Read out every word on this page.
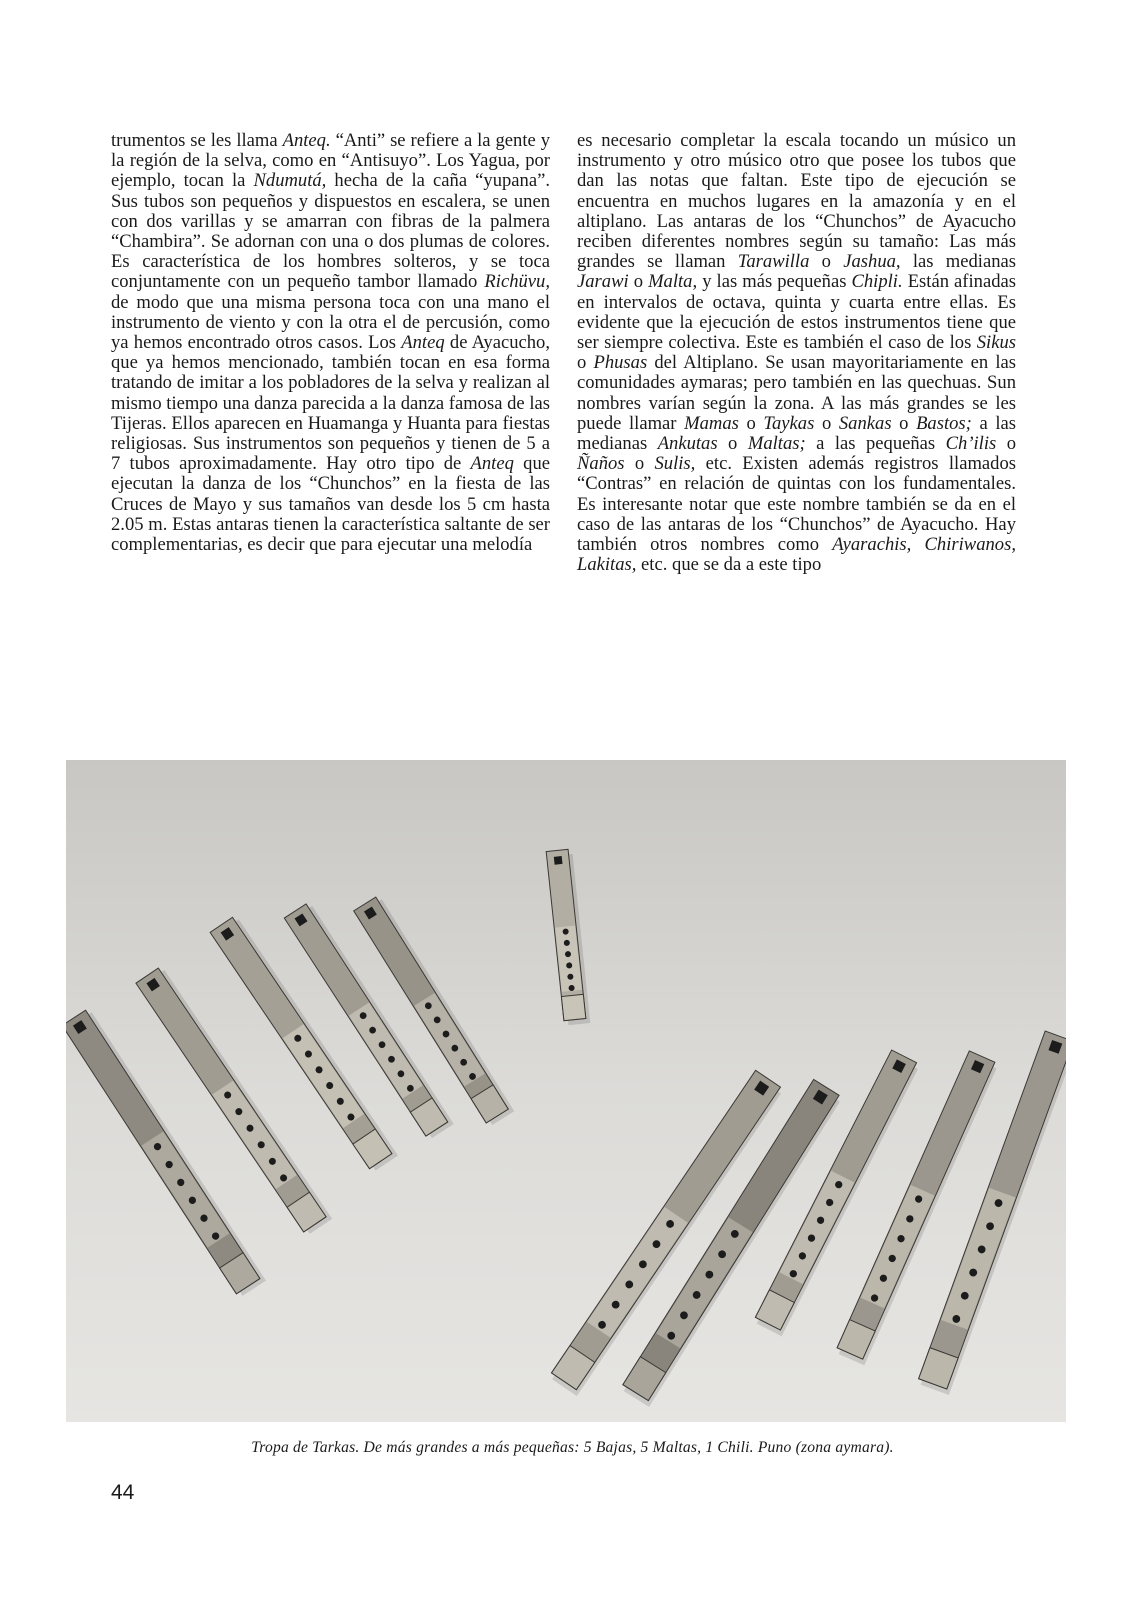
trumentos se les llama Anteq. “Anti” se refiere a la gente y la región de la selva, como en “Antisuyo”. Los Yagua, por ejemplo, tocan la Ndumutá, hecha de la caña “yupana”. Sus tubos son pequeños y dispuestos en escalera, se unen con dos varillas y se amarran con fibras de la palmera “Chambira”. Se adornan con una o dos plumas de colores. Es característica de los hombres solteros, y se toca conjuntamente con un pequeño tambor llamado Richüvu, de modo que una misma persona toca con una mano el instrumento de viento y con la otra el de percusión, como ya hemos encontrado otros casos. Los Anteq de Ayacucho, que ya hemos mencionado, también tocan en esa forma tratando de imitar a los pobladores de la selva y realizan al mismo tiempo una danza parecida a la danza famosa de las Tijeras. Ellos aparecen en Huamanga y Huanta para fiestas religiosas. Sus instrumentos son pequeños y tienen de 5 a 7 tubos aproximadamente. Hay otro tipo de Anteq que ejecutan la danza de los “Chunchos” en la fiesta de las Cruces de Mayo y sus tamaños van desde los 5 cm hasta 2.05 m. Estas antaras tienen la característica saltante de ser complementarias, es decir que para ejecutar una melodía

es necesario completar la escala tocando un músico un instrumento y otro músico otro que posee los tubos que dan las notas que faltan. Este tipo de ejecución se encuentra en muchos lugares en la amazonía y en el altiplano. Las antaras de los “Chunchos” de Ayacucho reciben diferentes nombres según su tamaño: Las más grandes se llaman Tarawilla o Jashua, las medianas Jarawi o Malta, y las más pequeñas Chipli. Están afinadas en intervalos de octava, quinta y cuarta entre ellas. Es evidente que la ejecución de estos instrumentos tiene que ser siempre colectiva. Este es también el caso de los Sikus o Phusas del Altiplano. Se usan mayoritariamente en las comunidades aymaras; pero también en las quechuas. Sun nombres varían según la zona. A las más grandes se les puede llamar Mamas o Taykas o Sankas o Bastos; a las medianas Ankutas o Maltas; a las pequeñas Ch’ilis o Ñaños o Sulis, etc. Existen además registros llamados “Contras” en relación de quintas con los fundamentales. Es interesante notar que este nombre también se da en el caso de las antaras de los “Chunchos” de Ayacucho. Hay también otros nombres como Ayarachis, Chiriwanos, Lakitas, etc. que se da a este tipo

Tropa de Tarkas. De más grandes a más pequeñas: 5 Bajas, 5 Maltas, 1 Chili. Puno (zona aymara).
44
